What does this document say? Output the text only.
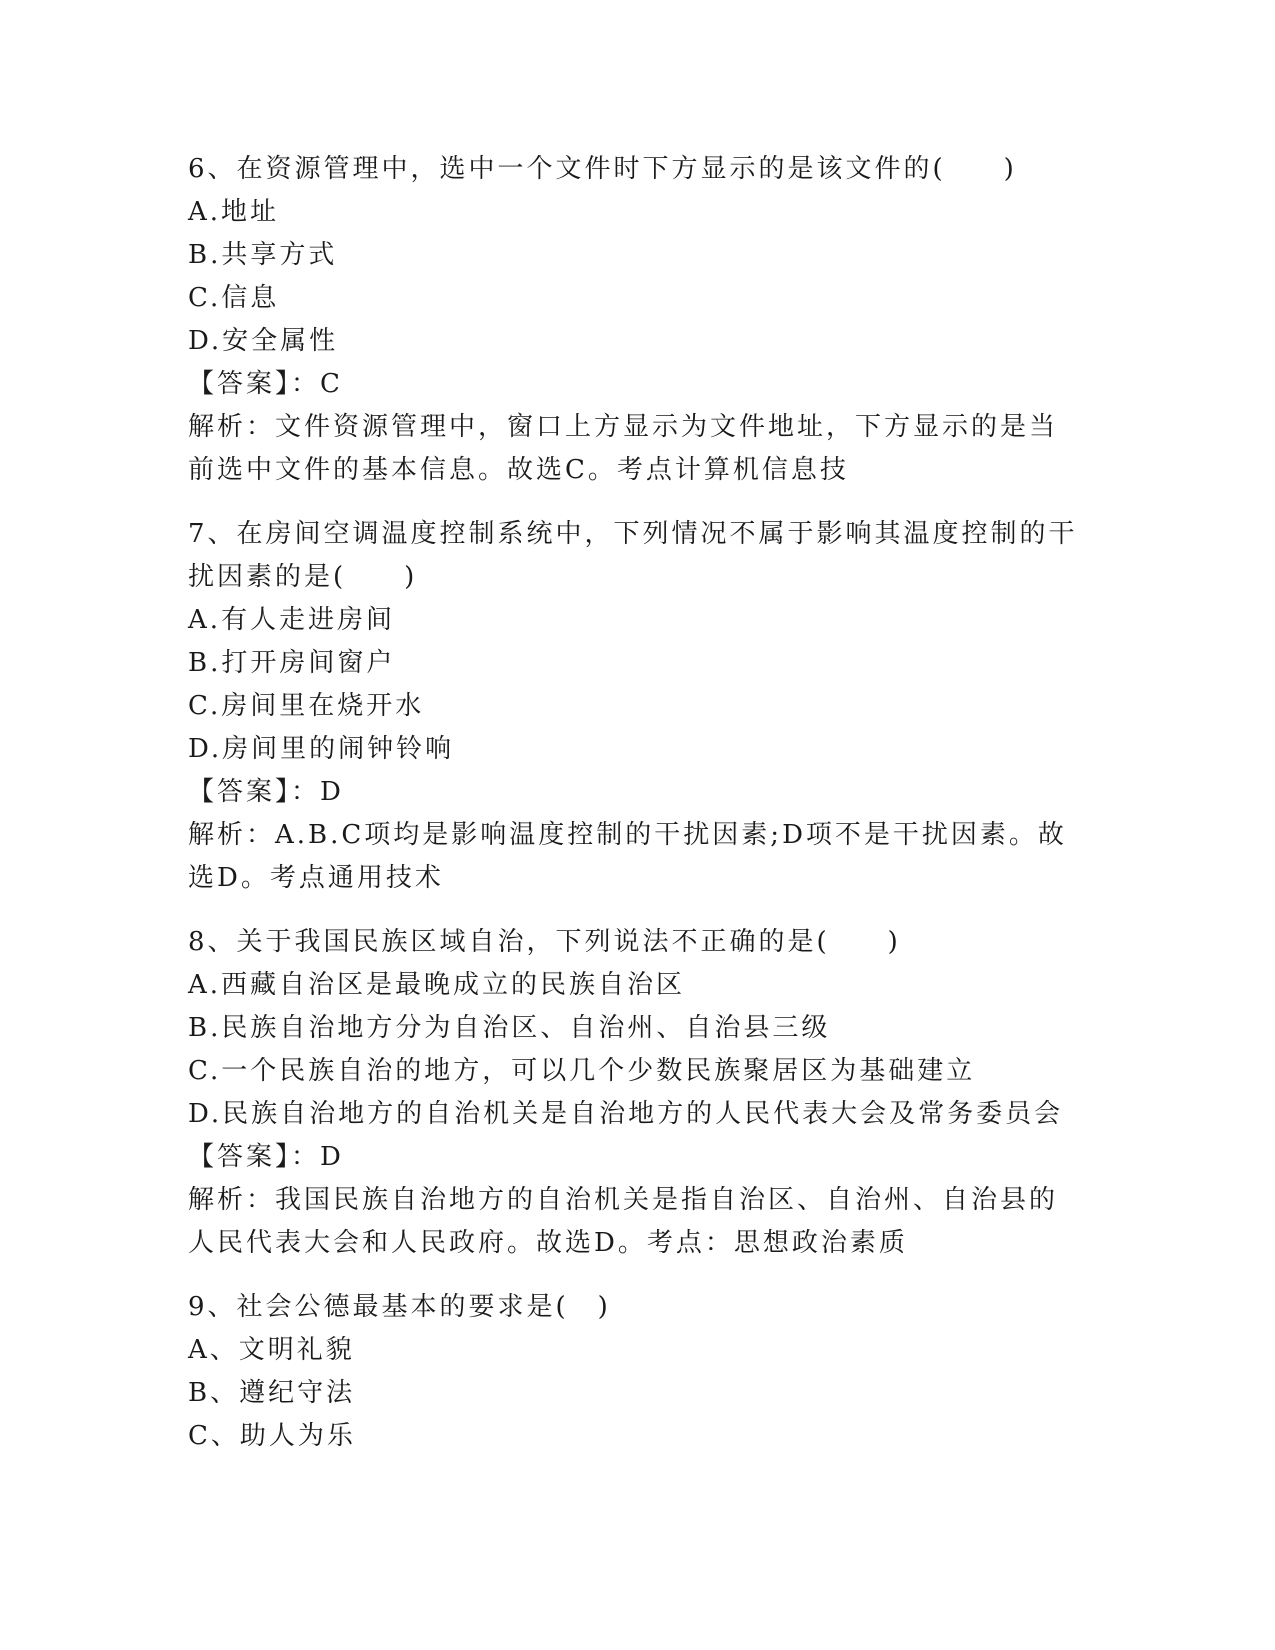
6、在资源管理中，选中一个文件时下方显示的是该文件的(　　)

A.地址

B.共享方式

C.信息

D.安全属性

【答案】：C

解析：文件资源管理中，窗口上方显示为文件地址，下方显示的是当

前选中文件的基本信息。故选C。考点计算机信息技

7、在房间空调温度控制系统中，下列情况不属于影响其温度控制的干

扰因素的是(　　)

A.有人走进房间

B.打开房间窗户

C.房间里在烧开水

D.房间里的闹钟铃响

【答案】：D

解析：A.B.C项均是影响温度控制的干扰因素;D项不是干扰因素。故

选D。考点通用技术

8、关于我国民族区域自治，下列说法不正确的是(　　)

A.西藏自治区是最晚成立的民族自治区

B.民族自治地方分为自治区、自治州、自治县三级

C.一个民族自治的地方，可以几个少数民族聚居区为基础建立

D.民族自治地方的自治机关是自治地方的人民代表大会及常务委员会

【答案】：D

解析：我国民族自治地方的自治机关是指自治区、自治州、自治县的

人民代表大会和人民政府。故选D。考点：思想政治素质

9、社会公德最基本的要求是(　)

A、文明礼貌

B、遵纪守法

C、助人为乐
